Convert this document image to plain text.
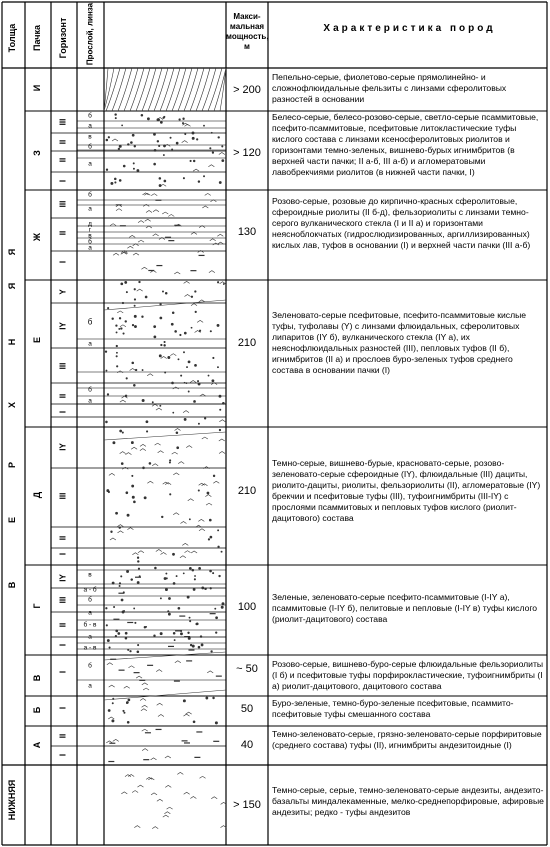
Толща Пачка Горизонт Прослой, линза	Макси-мальная мощность, м
Характеристика пород
Я
Я
Н
Х
Р
Е
В
НИЖНЯЯ
И
З
Ж
Е
Д
Г
В
Б
А
III
II
II
I
III
II
I
Y
IY
III
II
I
IY
III
II
I
IY
III
II
I
I
I
II
I
б
а
в
б
а
б
а
д
г
в
б
а
б
а
б
а
в
а - б
б
а
б - в
а
а - в
б
а
> 200
> 120
130
210
210
100
~ 50
50
40
> 150
Пепельно-серые, фиолетово-серые прямолинейно- и сложнофлюидальные фельзиты с линзами сферолитовых разностей в основании
Белесо-серые, белесо-розово-серые, светло-серые псаммитовые, псефито-псаммитовые, псефитовые литокластические туфы кислого состава с линзами ксеносферолитовых риолитов и горизонтами темно-зеленых, вишнево-бурых игнимбритов (в верхней части пачки; II а-б, III а-б) и агломератовыми лавобрекчиями риолитов (в нижней части пачки, I)
Розово-серые, розовые до кирпично-красных сферолитовые, сфероидные риолиты (II б-д), фельзориолиты с линзами темно-серого вулканического стекла (I и II а) и горизонтами неясноблокчатых (гидрослюдизированных, аргиллизированных) кислых лав, туфов в основании (I) и верхней части пачки (III а-б)
Зеленовато-серые псефитовые, псефито-псаммитовые кислые туфы, туфолавы (Y) с линзами флюидальных, сферолитовых липаритов (IY б), вулканического стекла (IY а), их неяснофлюидальных разностей (III), пепловых туфов (II б), игнимбритов (II а) и прослоев буро-зеленых туфов среднего состава в основании пачки (I)
Темно-серые, вишнево-бурые, красновато-серые, розово-зеленовато-серые сфероидные (IY), флюидальные (III) дациты, риолито-дациты, риолиты, фельзориолиты (II), агломератовые (IY) брекчии и псефитовые туфы (III), туфоигнимбриты (III-IY) с прослоями псаммитовых и пепловых туфов кислого (риолит-дацитового) состава
Зеленые, зеленовато-серые псефито-псаммитовые (I-IY а), псаммитовые (I-IY б), пелитовые и пепловые (I-IY в) туфы кислого (риолит-дацитового) состава
Розово-серые, вишнево-буро-серые флюидальные фельзориолиты (I б) и псефитовые туфы порфирокластические, туфоигнимбриты (I а) риолит-дацитового, дацитового состава
Буро-зеленые, темно-буро-зеленые псефитовые, псаммито-псефитовые туфы смешанного состава
Темно-зеленовато-серые, грязно-зеленовато-серые порфиритовые (среднего состава) туфы (II), игнимбриты андезитоидные (I)
Темно-серые, серые, темно-зеленовато-серые андезиты, андезито-базальты миндалекаменные, мелко-среднепорфировые, афировые андезиты; редко - туфы андезитов
